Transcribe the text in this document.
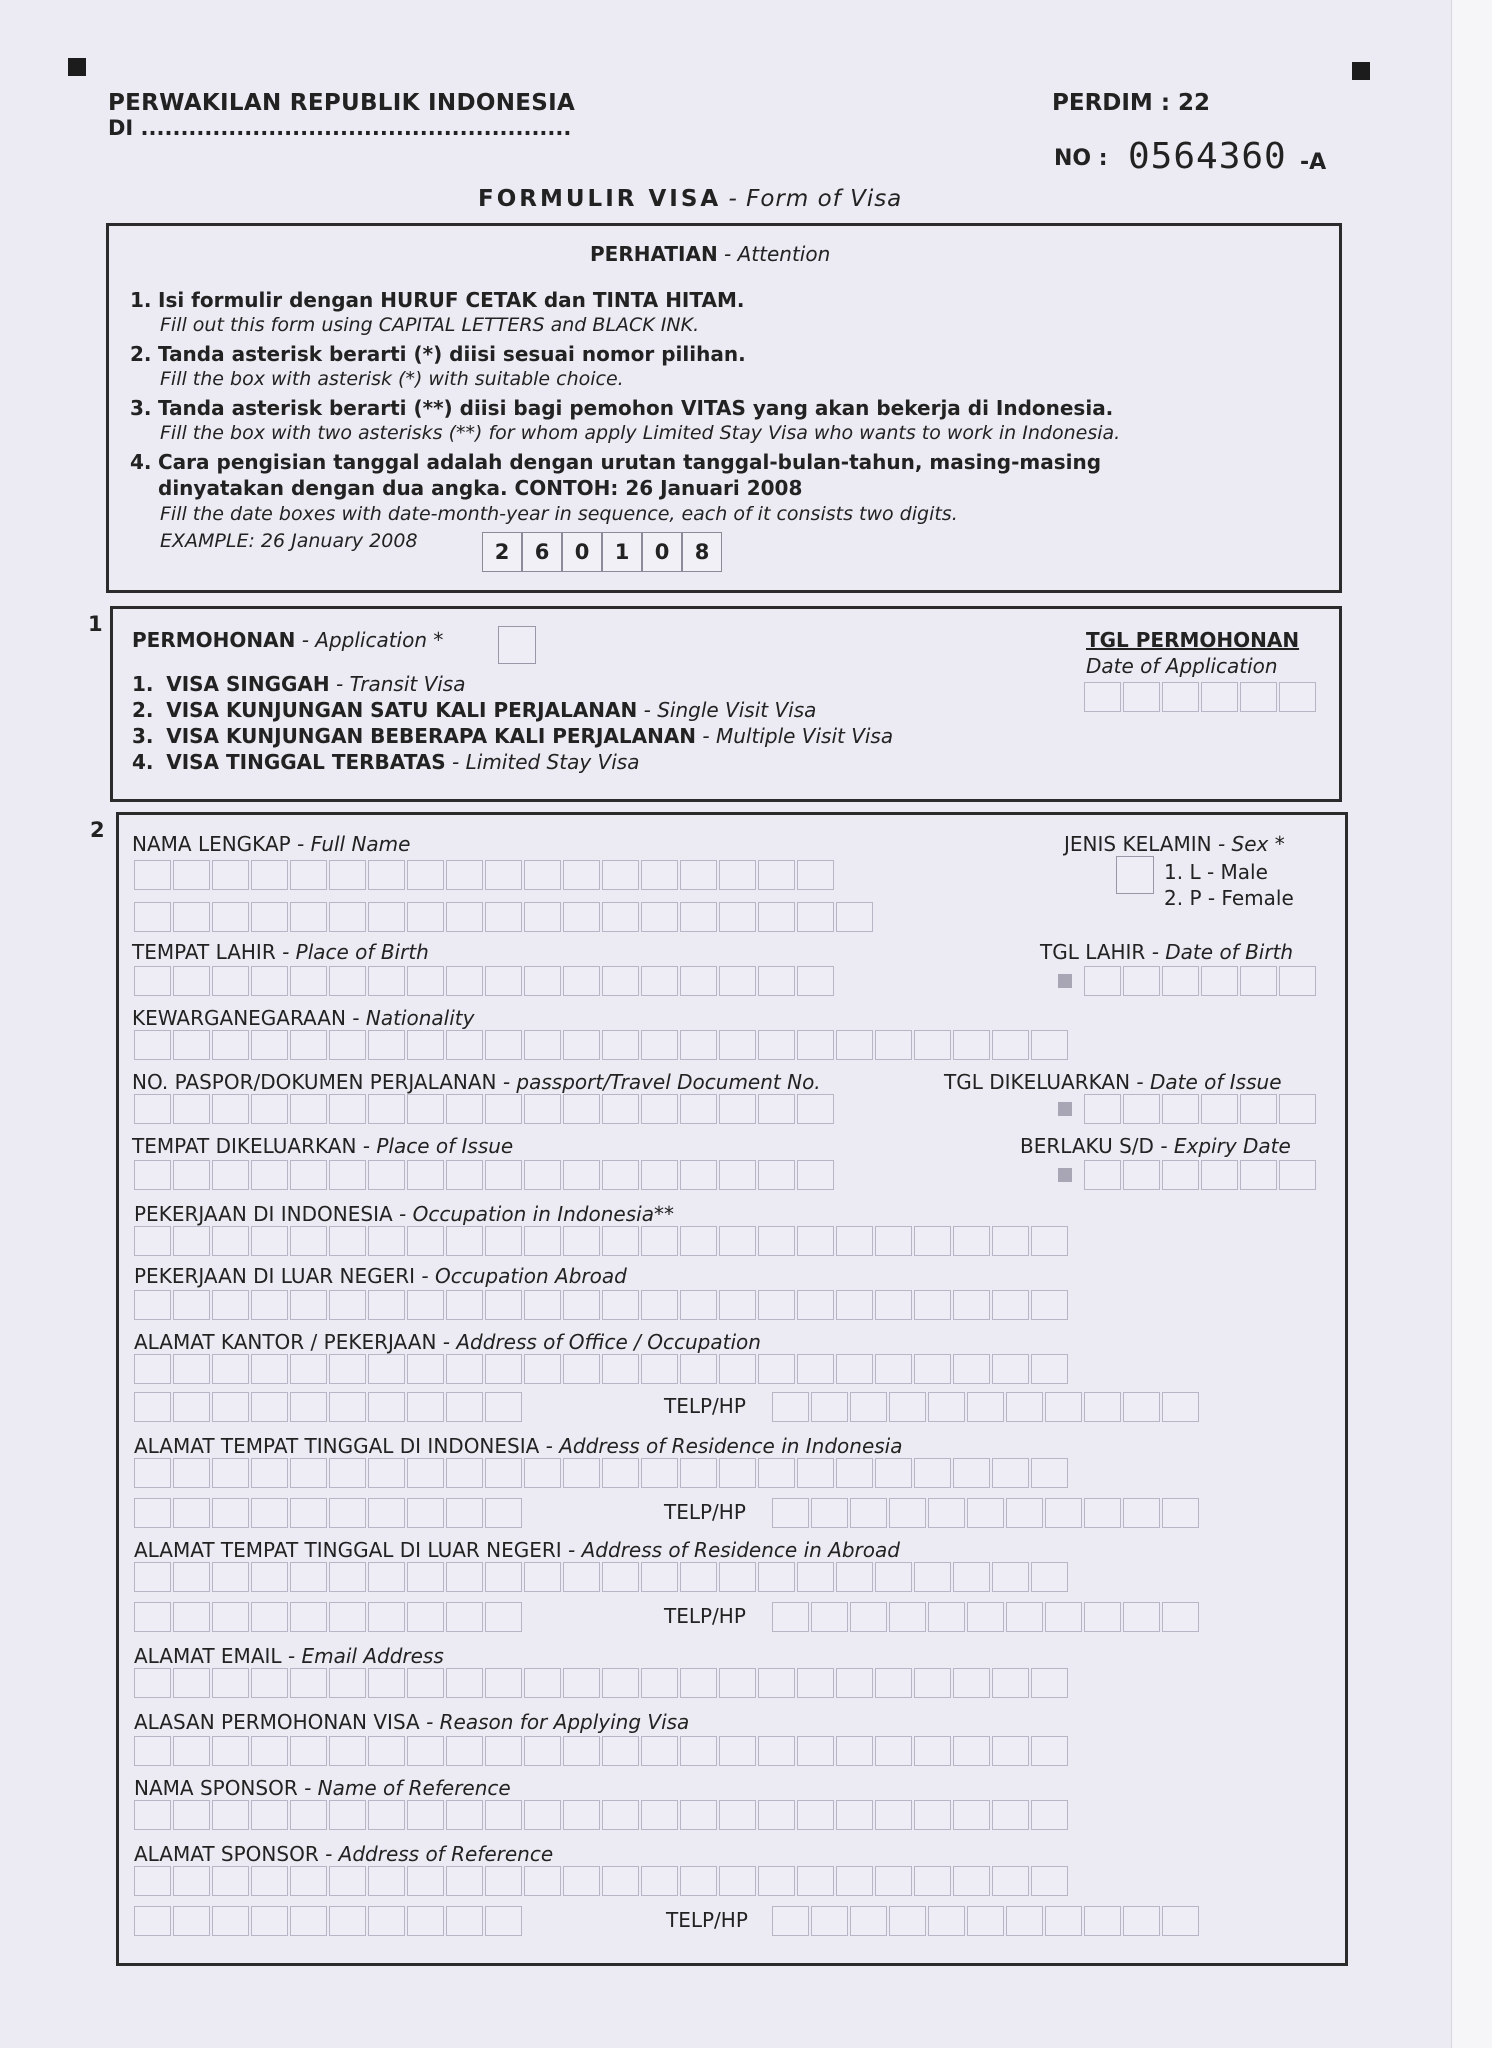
PERWAKILAN REPUBLIK INDONESIA
DI ......................................................
PERDIM : 22
NO : 0564360 -A
FORMULIR VISA - Form of Visa
PERHATIAN - Attention
1. Isi formulir dengan HURUF CETAK dan TINTA HITAM.
Fill out this form using CAPITAL LETTERS and BLACK INK.
2. Tanda asterisk berarti (*) diisi sesuai nomor pilihan.
Fill the box with asterisk (*) with suitable choice.
3. Tanda asterisk berarti (**) diisi bagi pemohon VITAS yang akan bekerja di Indonesia.
Fill the box with two asterisks (**) for whom apply Limited Stay Visa who wants to work in Indonesia.
4. Cara pengisian tanggal adalah dengan urutan tanggal-bulan-tahun, masing-masing
dinyatakan dengan dua angka. CONTOH: 26 Januari 2008
Fill the date boxes with date-month-year in sequence, each of it consists two digits.
EXAMPLE: 26 January 2008	2	6	0	1	0	8
1
PERMOHONAN - Application *
1. VISA SINGGAH - Transit Visa
2. VISA KUNJUNGAN SATU KALI PERJALANAN - Single Visit Visa
3. VISA KUNJUNGAN BEBERAPA KALI PERJALANAN - Multiple Visit Visa
4. VISA TINGGAL TERBATAS - Limited Stay Visa
TGL PERMOHONAN
Date of Application
2
NAMA LENGKAP - Full Name	JENIS KELAMIN - Sex *
1. L - Male
2. P - Female
TEMPAT LAHIR - Place of Birth	TGL LAHIR - Date of Birth
KEWARGANEGARAAN - Nationality
NO. PASPOR/DOKUMEN PERJALANAN - passport/Travel Document No.	TGL DIKELUARKAN - Date of Issue
TEMPAT DIKELUARKAN - Place of Issue	BERLAKU S/D - Expiry Date
PEKERJAAN DI INDONESIA - Occupation in Indonesia**
PEKERJAAN DI LUAR NEGERI - Occupation Abroad
ALAMAT KANTOR / PEKERJAAN - Address of Office / Occupation
TELP/HP
ALAMAT TEMPAT TINGGAL DI INDONESIA - Address of Residence in Indonesia
TELP/HP
ALAMAT TEMPAT TINGGAL DI LUAR NEGERI - Address of Residence in Abroad
TELP/HP
ALAMAT EMAIL - Email Address
ALASAN PERMOHONAN VISA - Reason for Applying Visa
NAMA SPONSOR - Name of Reference
ALAMAT SPONSOR - Address of Reference
TELP/HP
